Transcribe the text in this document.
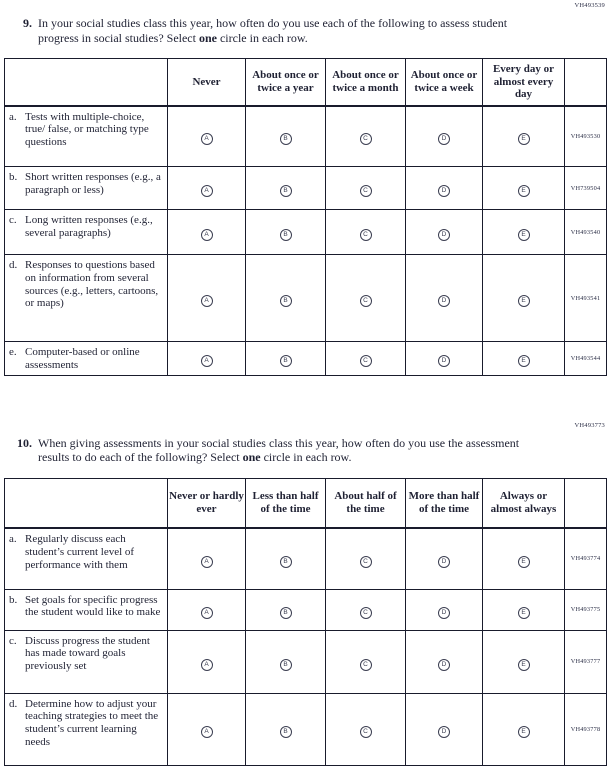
VH493539
9. In your social studies class this year, how often do you use each of the following to assess student progress in social studies? Select one circle in each row.
	Never	About once or twice a year	About once or twice a month	About once or twice a week	Every day or almost every day	

a. Tests with multiple-choice, true/ false, or matching type questions	A	B	C	D	E	VH493530

b. Short written responses (e.g., a paragraph or less)	A	B	C	D	E	VH739504

c. Long written responses (e.g., several paragraphs)	A	B	C	D	E	VH493540

d. Responses to questions based on information from several sources (e.g., letters, cartoons, or maps)	A	B	C	D	E	VH493541

e. Computer-based or online assessments	A	B	C	D	E	VH493544
VH493773
10. When giving assessments in your social studies class this year, how often do you use the assessment results to do each of the following? Select one circle in each row.
	Never or hardly ever	Less than half of the time	About half of the time	More than half of the time	Always or almost always	

a. Regularly discuss each student’s current level of performance with them	A	B	C	D	E	VH493774

b. Set goals for specific progress the student would like to make	A	B	C	D	E	VH493775

c. Discuss progress the student has made toward goals previously set	A	B	C	D	E	VH493777

d. Determine how to adjust your teaching strategies to meet the student’s current learning needs	A	B	C	D	E	VH493778
